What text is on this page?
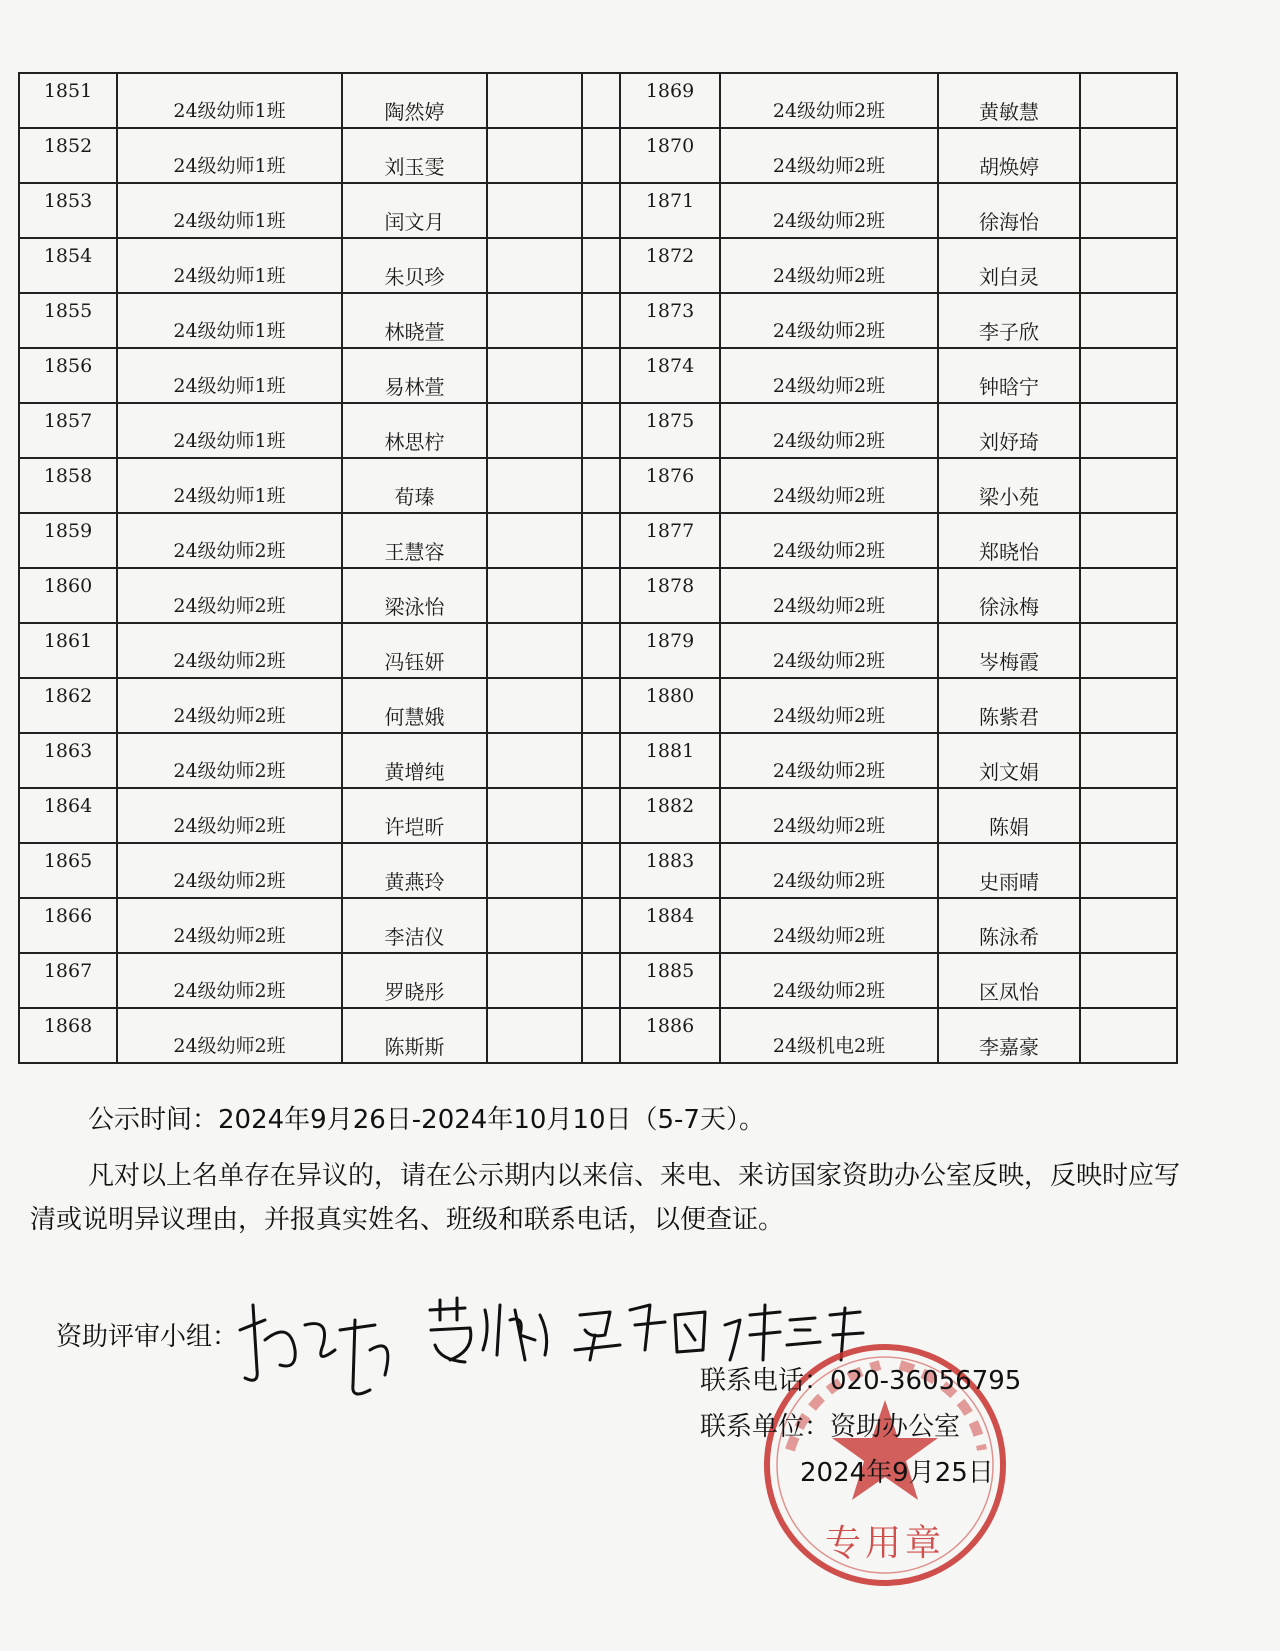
1851	24级幼师1班	陶然婷			1869	24级幼师2班	黄敏慧	

1852	24级幼师1班	刘玉雯			1870	24级幼师2班	胡焕婷	

1853	24级幼师1班	闰文月			1871	24级幼师2班	徐海怡	

1854	24级幼师1班	朱贝珍			1872	24级幼师2班	刘白灵	

1855	24级幼师1班	林晓萱			1873	24级幼师2班	李子欣	

1856	24级幼师1班	易林萱			1874	24级幼师2班	钟晗宁	

1857	24级幼师1班	林思柠			1875	24级幼师2班	刘妤琦	

1858	24级幼师1班	荀瑧			1876	24级幼师2班	梁小苑	

1859	24级幼师2班	王慧容			1877	24级幼师2班	郑晓怡	

1860	24级幼师2班	梁泳怡			1878	24级幼师2班	徐泳梅	

1861	24级幼师2班	冯钰妍			1879	24级幼师2班	岑梅霞	

1862	24级幼师2班	何慧娥			1880	24级幼师2班	陈紫君	

1863	24级幼师2班	黄增纯			1881	24级幼师2班	刘文娟	

1864	24级幼师2班	许垲昕			1882	24级幼师2班	陈娟	

1865	24级幼师2班	黄燕玲			1883	24级幼师2班	史雨晴	

1866	24级幼师2班	李洁仪			1884	24级幼师2班	陈泳希	

1867	24级幼师2班	罗晓彤			1885	24级幼师2班	区凤怡	

1868	24级幼师2班	陈斯斯			1886	24级机电2班	李嘉豪	

公示时间：2024年9月26日-2024年10月10日（5-7天）。

凡对以上名单存在异议的，请在公示期内以来信、来电、来访国家资助办公室反映，反映时应写清或说明异议理由，并报真实姓名、班级和联系电话，以便查证。

资助评审小组：
专用章
联系电话：020-36056795
联系单位：资助办公室
2024年9月25日
